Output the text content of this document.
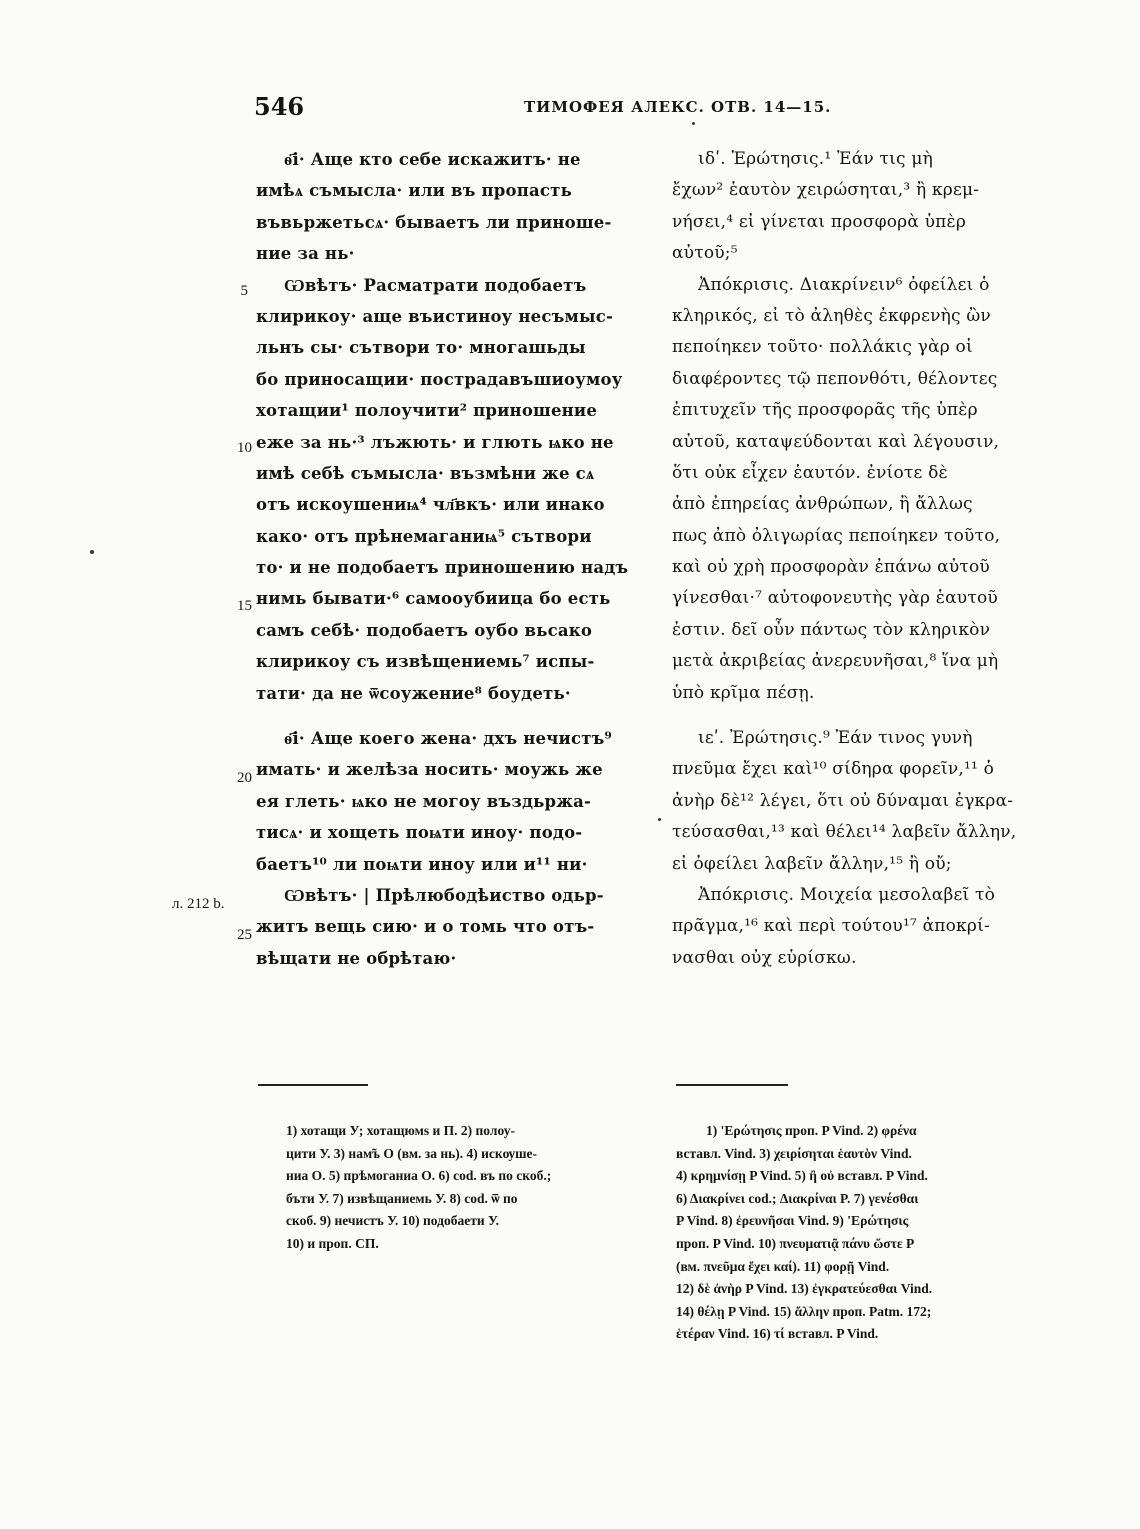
546	ТИМОФЕЯ АЛЕКС. ОТВ. 14—15.
ѳ҃і· Аще кто себе искажитъ· не
имѣѧ съмысла· или въ пропасть
въвьржетьсѧ· бываетъ ли приноше-
ние за нь·
Ѡвѣтъ· Расматрати подобаетъ
клирикоу· аще въистиноу несъмыс-
льнъ сы· сътвори то· многашьды
бо приносащии· пострадавъшиоумоу
хотащии¹ полоучити² приношение
еже за нь·³ лъжють· и глють ѩко не
имѣ себѣ съмысла· възмѣни же сѧ
отъ искоушениѩ⁴ чл҃вкъ· или инако
како· отъ прѣнемаганиѩ⁵ сътвори
то· и не подобаетъ приношению надъ
нимь бывати·⁶ самооубиица бо есть
самъ себѣ· подобаетъ оубо вьсако
клирикоу съ извѣщениемь⁷ испы-
тати· да не ѿсоужение⁸ боудеть·
ѳ҃і· Аще коего жена· дхъ нечистъ⁹
имать· и желѣза носить· моужь же
ея глеть· ѩко не могоу въздьржа-
тисѧ· и хощеть поѩти иноу· подо-
баетъ¹⁰ ли поѩти иноу или и¹¹ ни·
Ѡвѣтъ· | Прѣлюбодѣиство одьр-
житъ вещь сию· и о томь что отъ-
вѣщати не обрѣтаю·
5
10
15
20
25
л. 212 b.
ιδʹ. Ἐρώτησις.¹ Ἐάν τις μὴ
ἔχων² ἑαυτὸν χειρώσηται,³ ἢ κρεμ-
νήσει,⁴ εἰ γίνεται προσφορὰ ὑπὲρ
αὐτοῦ;⁵
Ἀπόκρισις. Διακρίνειν⁶ ὀφείλει ὁ
κληρικός, εἰ τὸ ἀληθὲς ἐκφρενὴς ὢν
πεποίηκεν τοῦτο· πολλάκις γὰρ οἱ
διαφέροντες τῷ πεπονθότι, θέλοντες
ἐπιτυχεῖν τῆς προσφορᾶς τῆς ὑπὲρ
αὐτοῦ, καταψεύδονται καὶ λέγουσιν,
ὅτι οὐκ εἶχεν ἑαυτόν. ἐνίοτε δὲ
ἀπὸ ἐπηρείας ἀνθρώπων, ἢ ἄλλως
πως ἀπὸ ὀλιγωρίας πεποίηκεν τοῦτο,
καὶ οὐ χρὴ προσφορὰν ἐπάνω αὐτοῦ
γίνεσθαι·⁷ αὐτοφονευτὴς γὰρ ἑαυτοῦ
ἐστιν. δεῖ οὖν πάντως τὸν κληρικὸν
μετὰ ἀκριβείας ἀνερευνῆσαι,⁸ ἵνα μὴ
ὑπὸ κρῖμα πέσῃ.
ιεʹ. Ἐρώτησις.⁹ Ἐάν τινος γυνὴ
πνεῦμα ἔχει καὶ¹⁰ σίδηρα φορεῖν,¹¹ ὁ
ἀνὴρ δὲ¹² λέγει, ὅτι οὐ δύναμαι ἐγκρα-
τεύσασθαι,¹³ καὶ θέλει¹⁴ λαβεῖν ἄλλην,
εἰ ὀφείλει λαβεῖν ἄλλην,¹⁵ ἢ οὔ;
Ἀπόκρισις. Μοιχεία μεσολαβεῖ τὸ
πρᾶγμα,¹⁶ καὶ περὶ τούτου¹⁷ ἀποκρί-
νασθαι οὐχ εὑρίσκω.
1) хотащи У; хотащюмѕ и П. 2) полоу-
цити У. 3) нам̃ъ О (вм. за нь). 4) искѹше-
ниа О. 5) прѣмоганиа О. 6) cod. въ по скоб.;
бъти У. 7) извѣщаниемь У. 8) cod. ѿ по
скоб. 9) нечистъ У. 10) подобаети У.
10) и проп. СП.
1) 'Ερώτησις проп. P Vind. 2) φρένα
вставл. Vind. 3) χειρίσηται ἑαυτὸν Vind.
4) κρημνίσῃ P Vind. 5) ἢ οὐ вставл. P Vind.
6) Διακρίνει cod.; Διακρίναι P. 7) γενέσθαι
P Vind. 8) ἐρευνῆσαι Vind. 9) 'Ερώτησις
проп. P Vind. 10) πνευματιᾷ πάνυ ὥστε P
(вм. πνεῦμα ἔχει καί). 11) φορῇ Vind.
12) δὲ ἀνὴρ P Vind. 13) ἐγκρατεύεσθαι Vind.
14) θέλῃ P Vind. 15) ἄλλην проп. Patm. 172;
ἑτέραν Vind. 16) τί вставл. P Vind.
